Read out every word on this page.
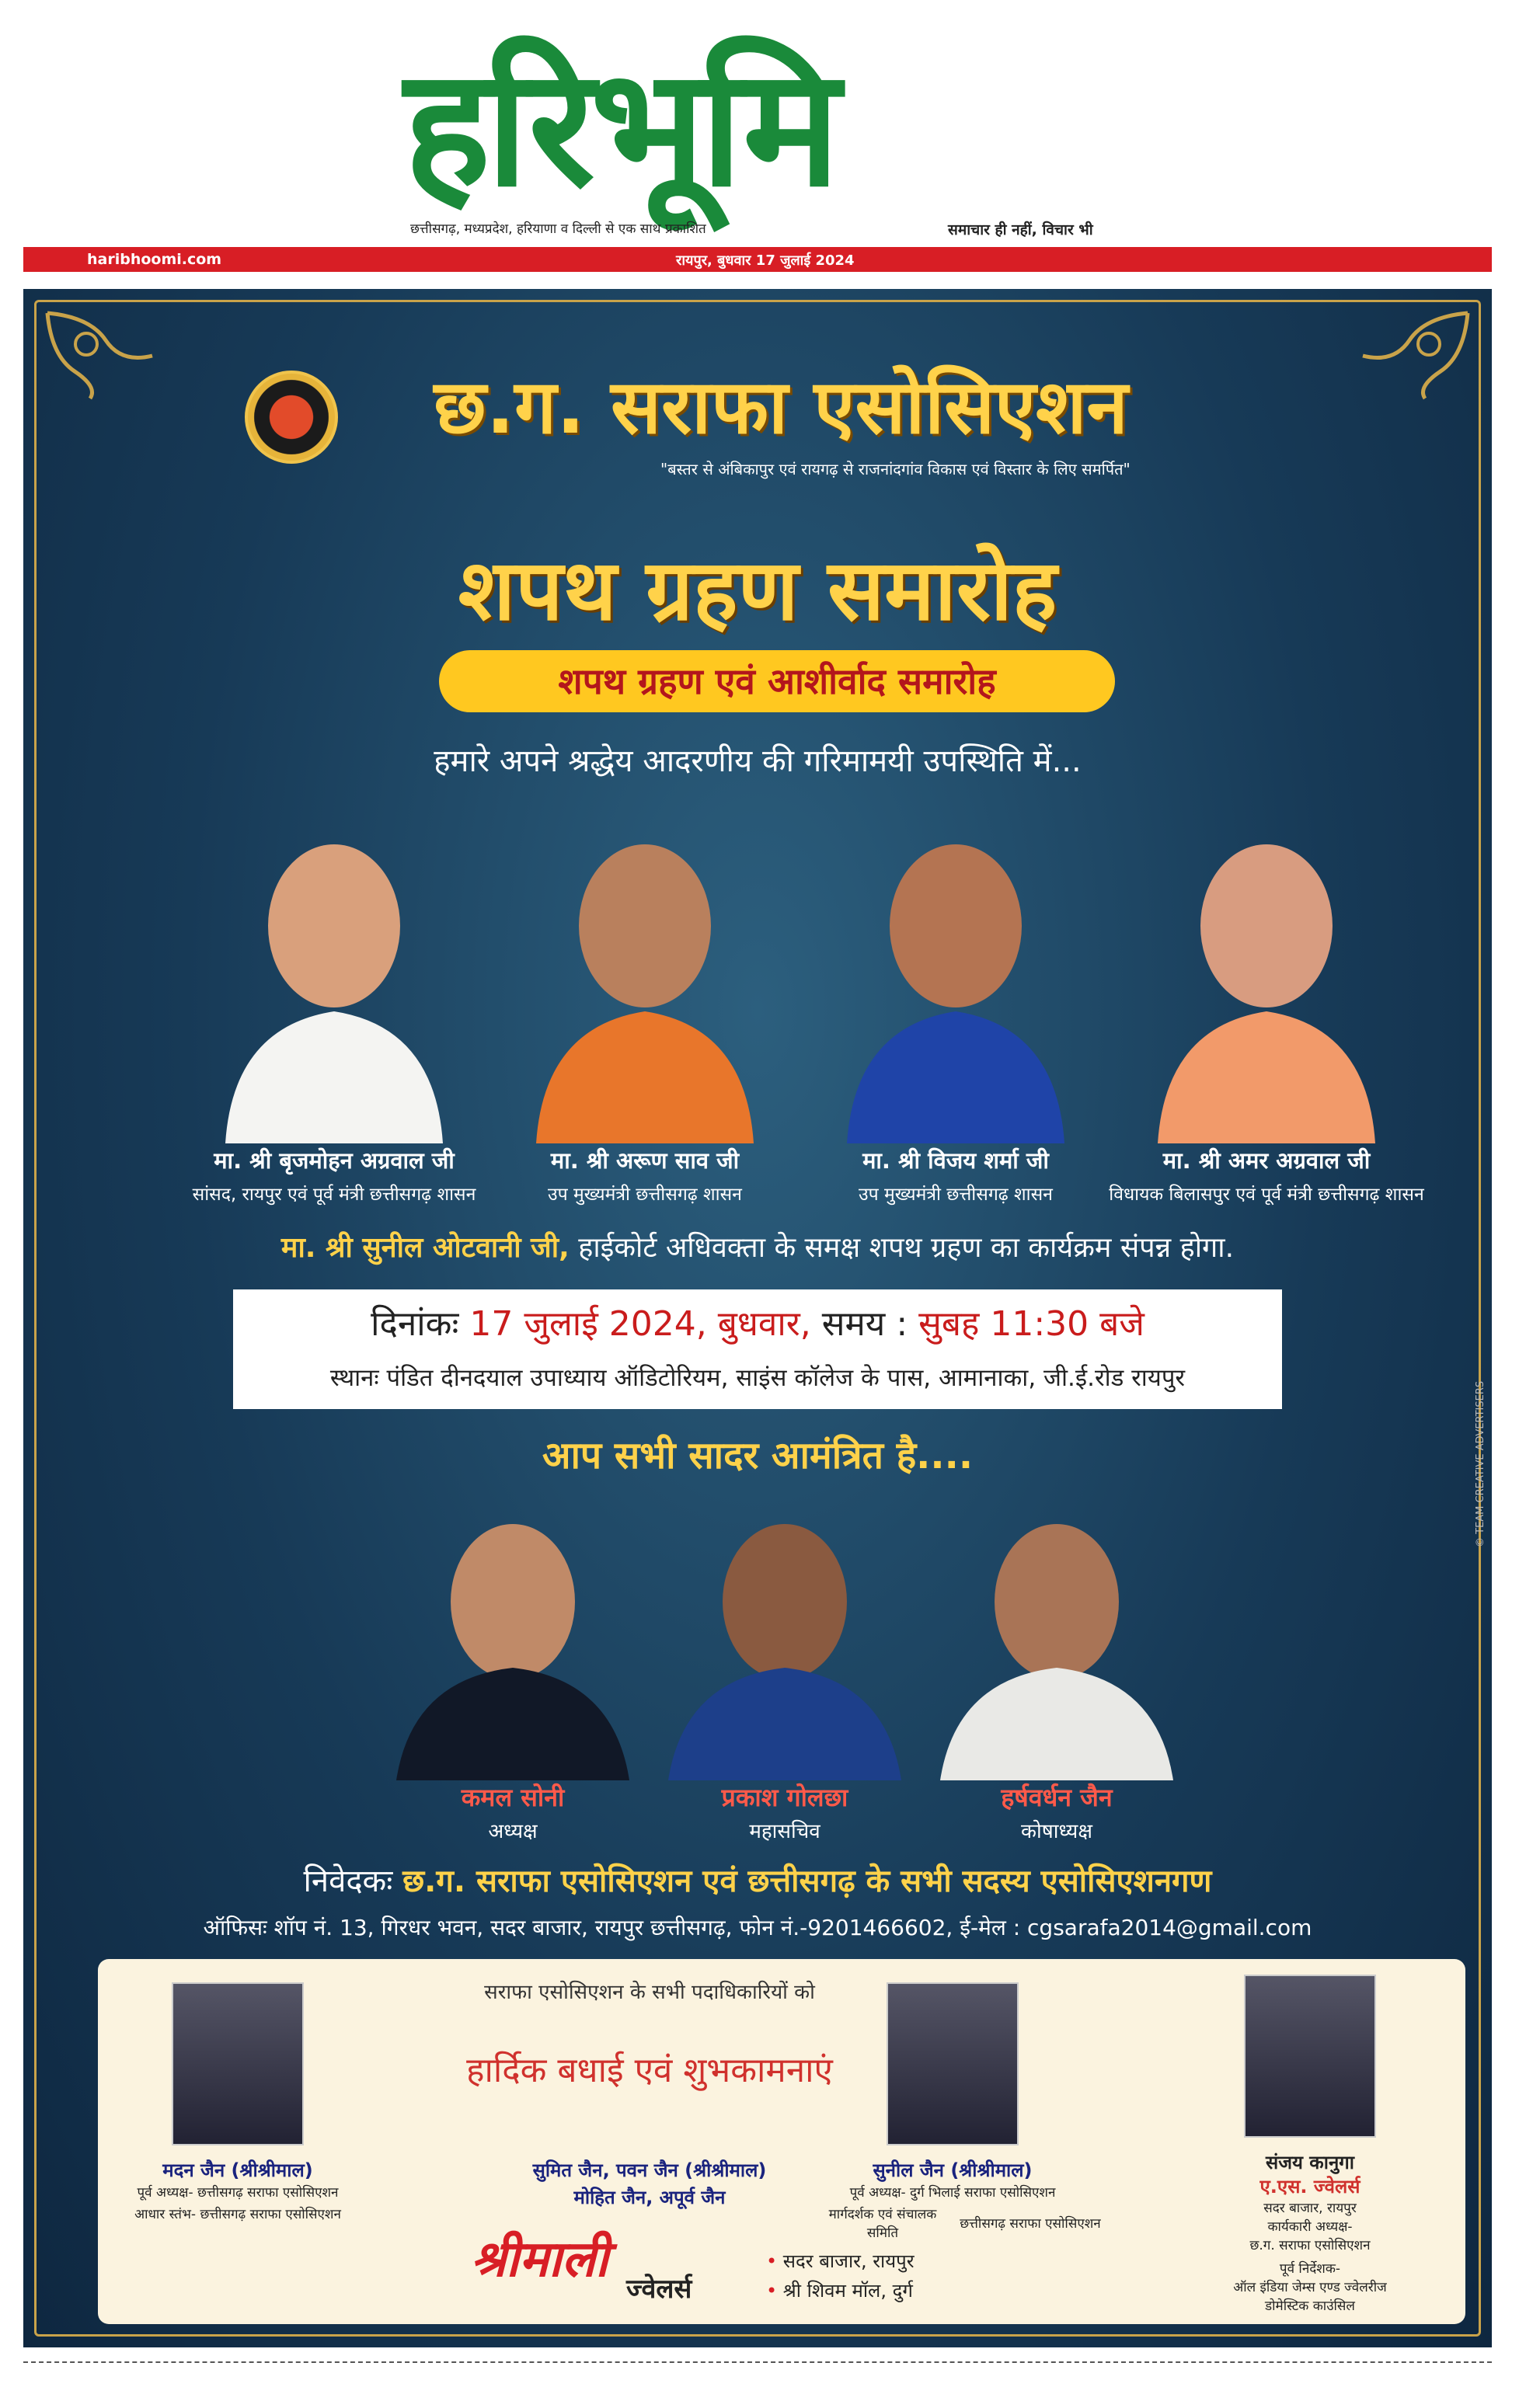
हरिभूमि
छत्तीसगढ़, मध्यप्रदेश, हरियाणा व दिल्ली से एक साथ प्रकाशित	समाचार ही नहीं, विचार भी
haribhoomi.com	रायपुर, बुधवार 17 जुलाई 2024
छ.ग. सराफा एसोसिएशन
"बस्तर से अंबिकापुर एवं रायगढ़ से राजनांदगांव विकास एवं विस्तार के लिए समर्पित"
शपथ ग्रहण समारोह
शपथ ग्रहण एवं आशीर्वाद समारोह
हमारे अपने श्रद्धेय आदरणीय की गरिमामयी उपस्थिति में...
मा. श्री बृजमोहन अग्रवाल जी	मा. श्री अरूण साव जी	मा. श्री विजय शर्मा जी	मा. श्री अमर अग्रवाल जी
सांसद, रायपुर एवं पूर्व मंत्री छत्तीसगढ़ शासन	उप मुख्यमंत्री छत्तीसगढ़ शासन	उप मुख्यमंत्री छत्तीसगढ़ शासन	विधायक बिलासपुर एवं पूर्व मंत्री छत्तीसगढ़ शासन
मा. श्री सुनील ओटवानी जी, हाईकोर्ट अधिवक्ता के समक्ष शपथ ग्रहण का कार्यक्रम संपन्न होगा.
दिनांकः 17 जुलाई 2024, बुधवार, समय : सुबह 11:30 बजे
स्थानः पंडित दीनदयाल उपाध्याय ऑडिटोरियम, साइंस कॉलेज के पास, आमानाका, जी.ई.रोड रायपुर
आप सभी सादर आमंत्रित है....
कमल सोनी	प्रकाश गोलछा	हर्षवर्धन जैन
अध्यक्ष	महासचिव	कोषाध्यक्ष
निवेदकः छ.ग. सराफा एसोसिएशन एवं छत्तीसगढ़ के सभी सदस्य एसोसिएशनगण
ऑफिसः शॉप नं. 13, गिरधर भवन, सदर बाजार, रायपुर छत्तीसगढ़, फोन नं.-9201466602, ई-मेल : cgsarafa2014@gmail.com
© TEAM CREATIVE ADVERTISERS
मदन जैन (श्रीश्रीमाल)
पूर्व अध्यक्ष- छत्तीसगढ़ सराफा एसोसिएशन
आधार स्तंभ- छत्तीसगढ़ सराफा एसोसिएशन
सराफा एसोसिएशन के सभी पदाधिकारियों को
हार्दिक बधाई एवं शुभकामनाएं
सुमित जैन, पवन जैन (श्रीश्रीमाल)
मोहित जैन, अपूर्व जैन
सुनील जैन (श्रीश्रीमाल)
पूर्व अध्यक्ष- दुर्ग भिलाई सराफा एसोसिएशन
मार्गदर्शक एवं संचालक समिति
छत्तीसगढ़ सराफा एसोसिएशन
संजय कानुगा
ए.एस. ज्वेलर्स
सदर बाजार, रायपुर
कार्यकारी अध्यक्ष-
छ.ग. सराफा एसोसिएशन
पूर्व निर्देशक-
ऑल इंडिया जेम्स एण्ड ज्वेलरीज
डोमेस्टिक काउंसिल
श्रीमाली
ज्वेलर्स
• सदर बाजार, रायपुर
• श्री शिवम मॉल, दुर्ग
